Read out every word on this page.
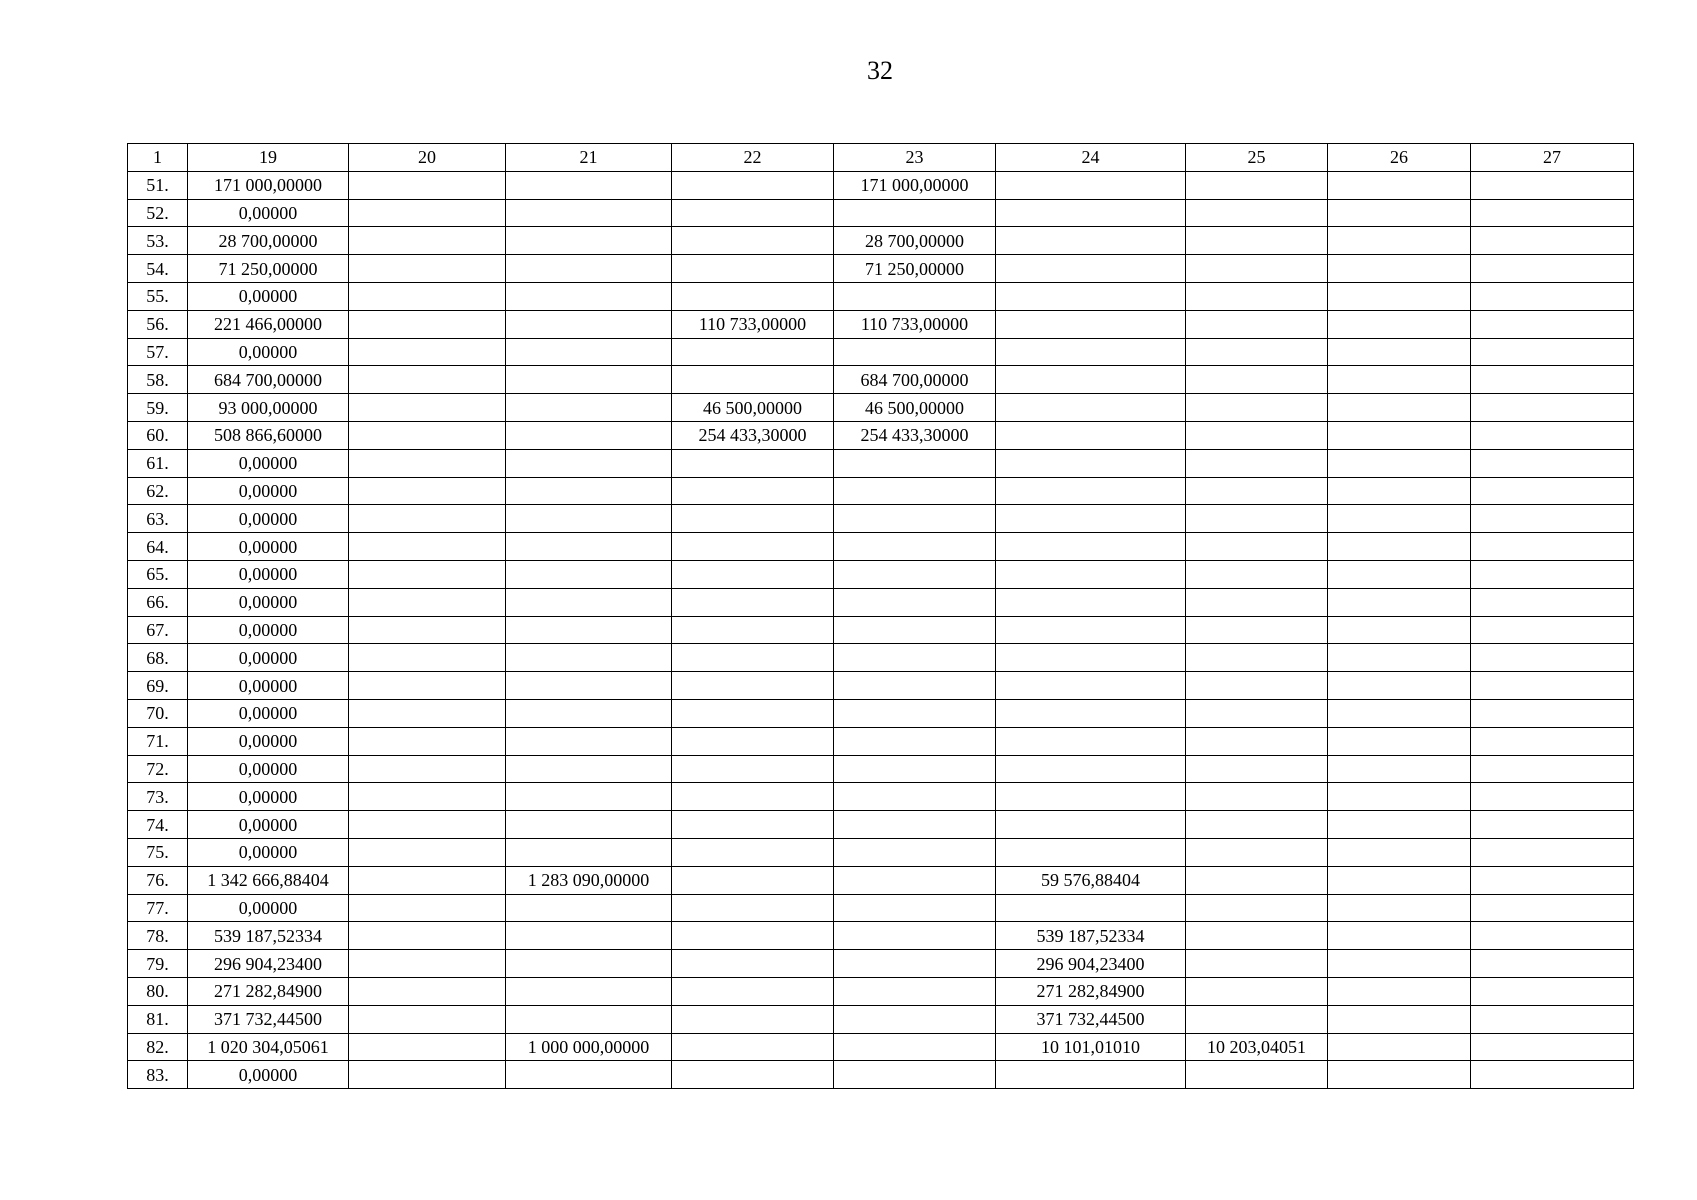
32
1	19	20	21	22	23	24	25	26	27
51.	171 000,00000				171 000,00000				
52.	0,00000								
53.	28 700,00000				28 700,00000				
54.	71 250,00000				71 250,00000				
55.	0,00000								
56.	221 466,00000			110 733,00000	110 733,00000				
57.	0,00000								
58.	684 700,00000				684 700,00000				
59.	93 000,00000			46 500,00000	46 500,00000				
60.	508 866,60000			254 433,30000	254 433,30000				
61.	0,00000								
62.	0,00000								
63.	0,00000								
64.	0,00000								
65.	0,00000								
66.	0,00000								
67.	0,00000								
68.	0,00000								
69.	0,00000								
70.	0,00000								
71.	0,00000								
72.	0,00000								
73.	0,00000								
74.	0,00000								
75.	0,00000								
76.	1 342 666,88404		1 283 090,00000			59 576,88404			
77.	0,00000								
78.	539 187,52334					539 187,52334			
79.	296 904,23400					296 904,23400			
80.	271 282,84900					271 282,84900			
81.	371 732,44500					371 732,44500			
82.	1 020 304,05061		1 000 000,00000			10 101,01010	10 203,04051		
83.	0,00000								
